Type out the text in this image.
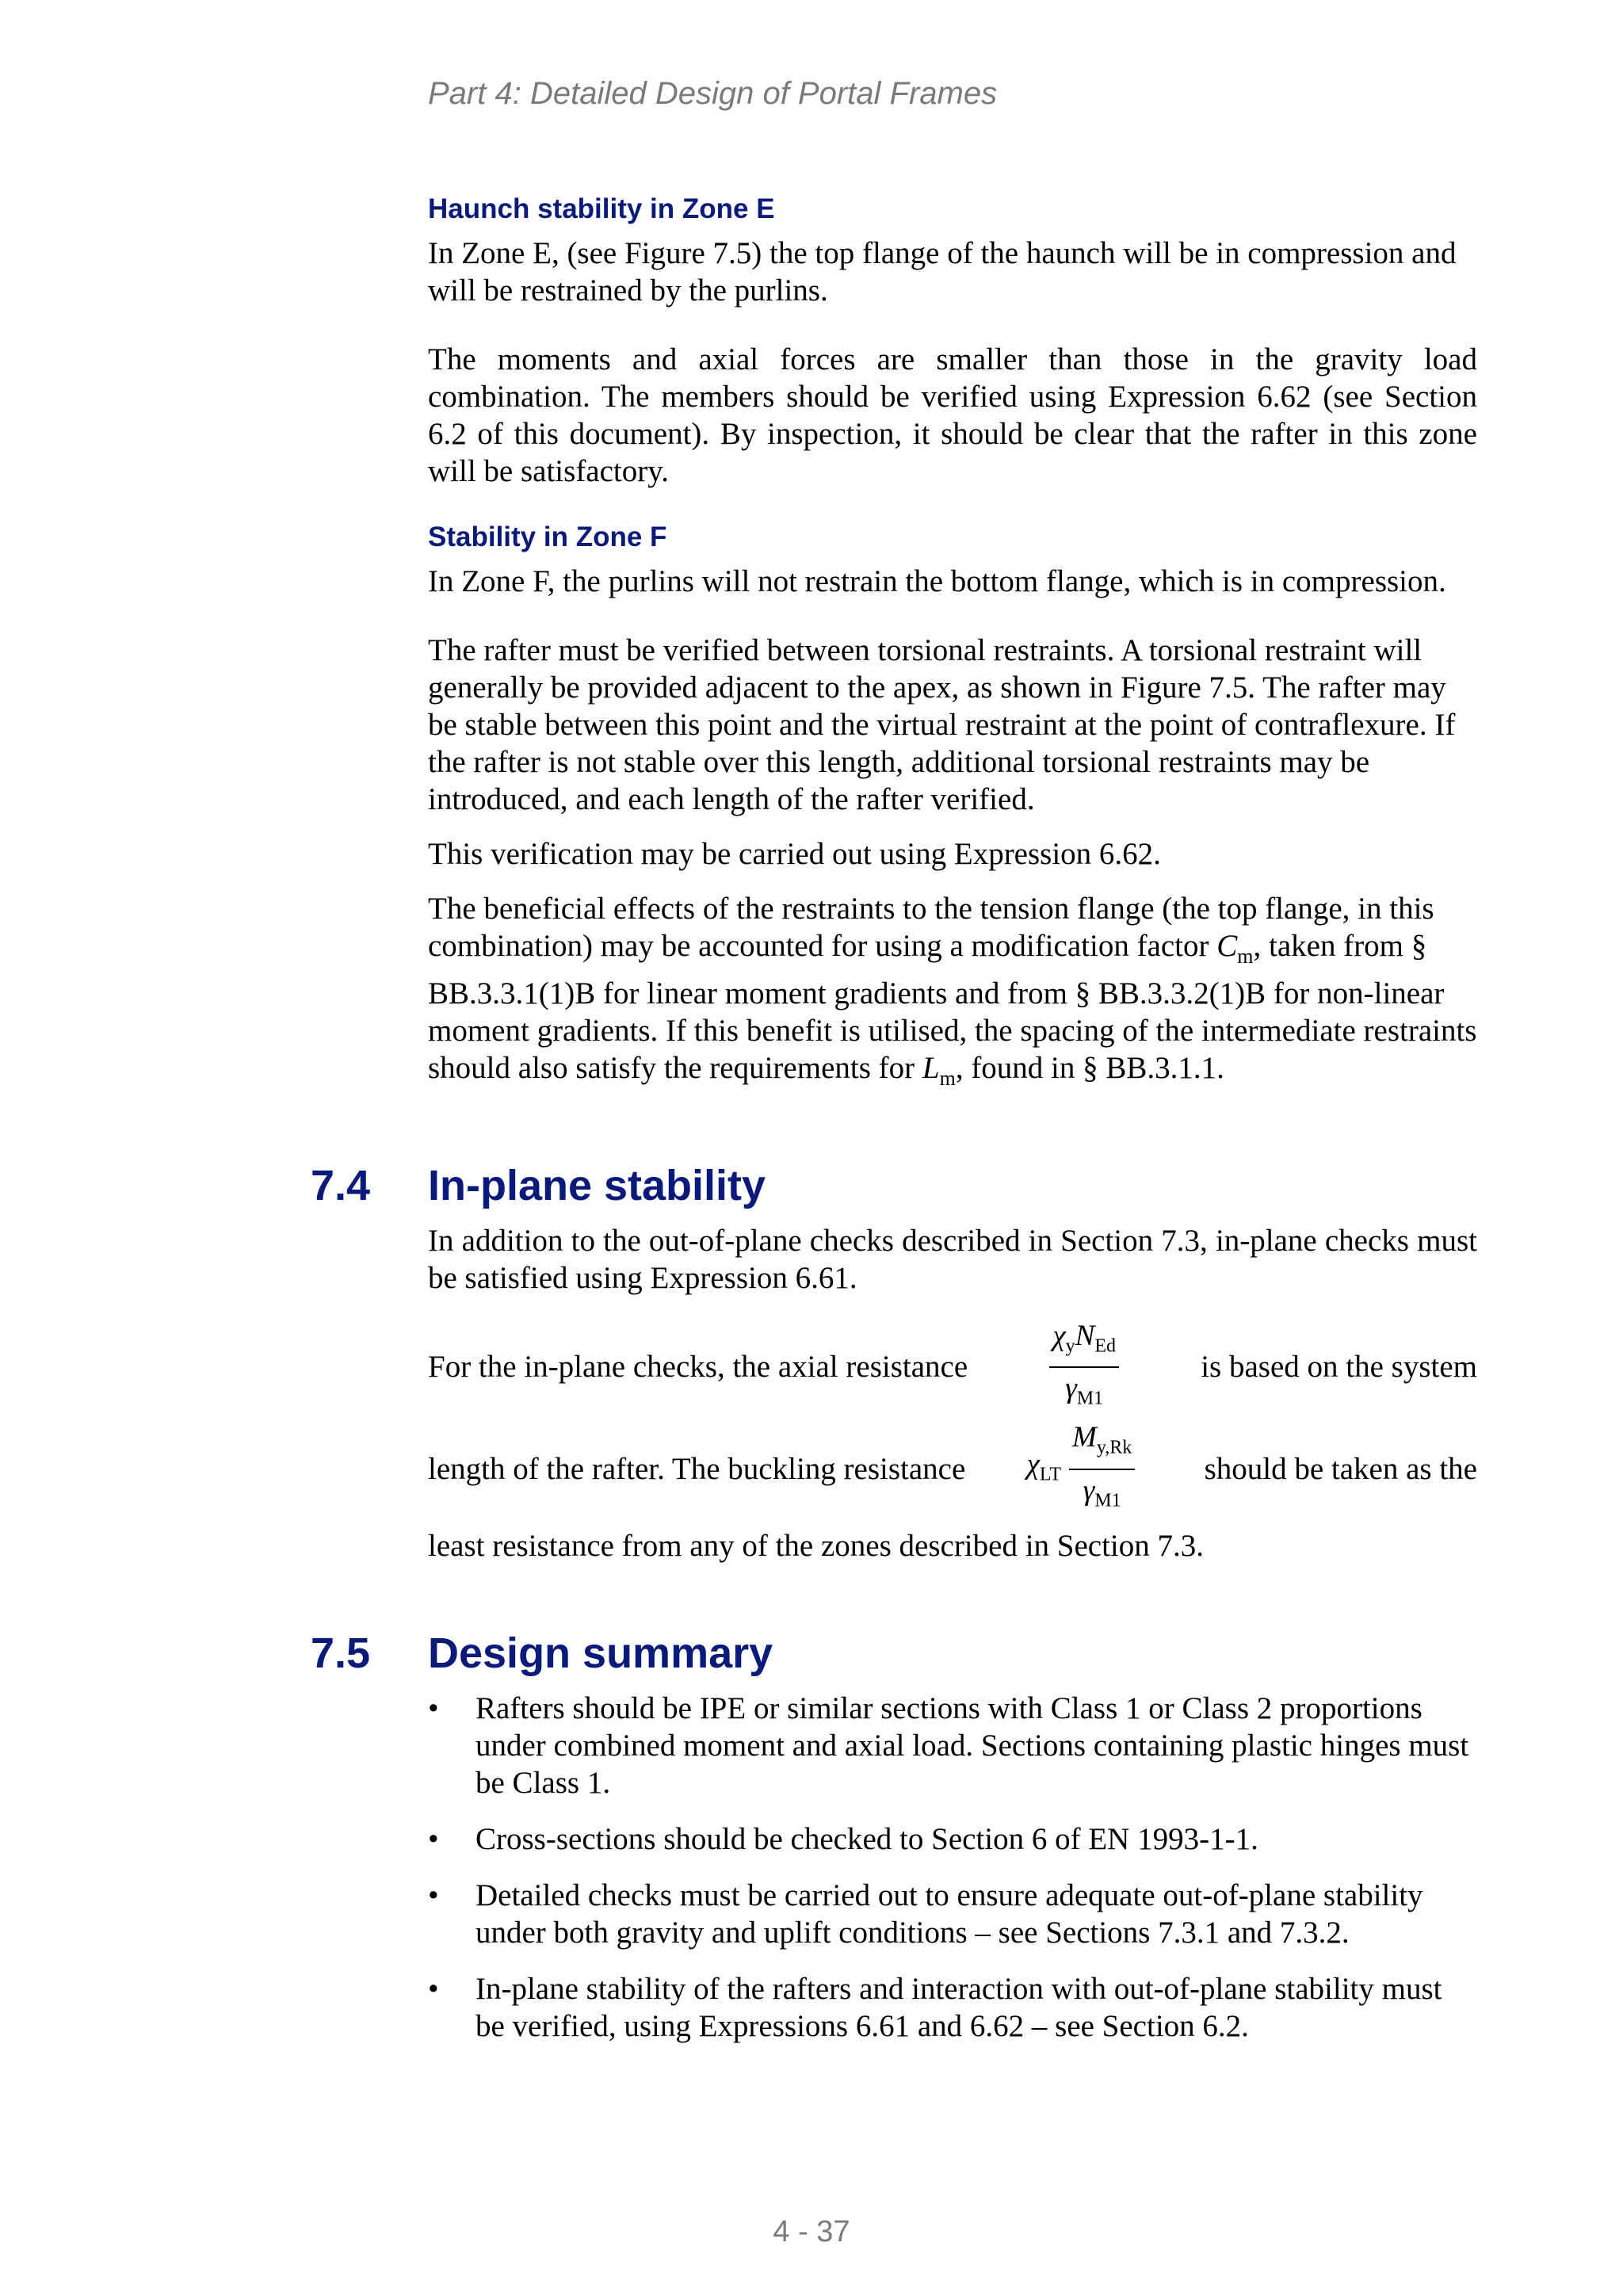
Part 4: Detailed Design of Portal Frames
Haunch stability in Zone E

In Zone E, (see Figure 7.5) the top flange of the haunch will be in compression and will be restrained by the purlins.

The moments and axial forces are smaller than those in the gravity load combination. The members should be verified using Expression 6.62 (see Section 6.2 of this document). By inspection, it should be clear that the rafter in this zone will be satisfactory.

Stability in Zone F

In Zone F, the purlins will not restrain the bottom flange, which is in compression.

The rafter must be verified between torsional restraints. A torsional restraint will generally be provided adjacent to the apex, as shown in Figure 7.5. The rafter may be stable between this point and the virtual restraint at the point of contraflexure. If the rafter is not stable over this length, additional torsional restraints may be introduced, and each length of the rafter verified.

This verification may be carried out using Expression 6.62.

The beneficial effects of the restraints to the tension flange (the top flange, in this combination) may be accounted for using a modification factor $C_m$, taken from § BB.3.3.1(1)B for linear moment gradients and from § BB.3.3.2(1)B for non-linear moment gradients. If this benefit is utilised, the spacing of the intermediate restraints should also satisfy the requirements for $L_m$, found in § BB.3.1.1.

7.4 In-plane stability

In addition to the out-of-plane checks described in Section 7.3, in-plane checks must be satisfied using Expression 6.61.

For the in-plane checks, the axial resistance	$\frac{\chi_yN_{Ed}}{\gamma_{M1}}$	is based on the system
length of the rafter. The buckling resistance $\chi_{LT} \frac{M_{y,Rk}}{\gamma_{M1}}$ should be taken as the

least resistance from any of the zones described in Section 7.3.

7.5 Design summary
• Rafters should be IPE or similar sections with Class 1 or Class 2 proportions under combined moment and axial load. Sections containing plastic hinges must be Class 1.
• Cross-sections should be checked to Section 6 of EN 1993-1-1.
• Detailed checks must be carried out to ensure adequate out-of-plane stability under both gravity and uplift conditions – see Sections 7.3.1 and 7.3.2.
• In-plane stability of the rafters and interaction with out-of-plane stability must be verified, using Expressions 6.61 and 6.62 – see Section 6.2.
4 - 37
